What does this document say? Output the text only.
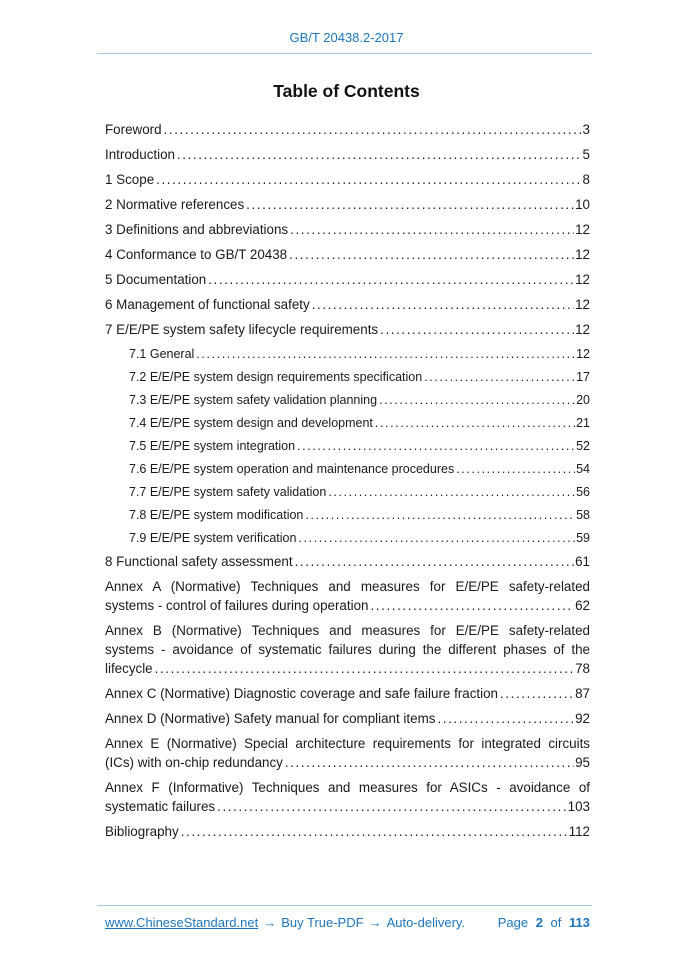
GB/T 20438.2-2017
Table of Contents
Foreword .....	3
Introduction .....	5
1 Scope .....	8
2 Normative references .....	10
3 Definitions and abbreviations .....	12
4 Conformance to GB/T 20438 .....	12
5 Documentation .....	12
6 Management of functional safety .....	12
7 E/E/PE system safety lifecycle requirements .....	12
7.1 General .....	12
7.2 E/E/PE system design requirements specification .....	17
7.3 E/E/PE system safety validation planning .....	20
7.4 E/E/PE system design and development .....	21
7.5 E/E/PE system integration .....	52
7.6 E/E/PE system operation and maintenance procedures .....	54
7.7 E/E/PE system safety validation .....	56
7.8 E/E/PE system modification .....	58
7.9 E/E/PE system verification .....	59
8 Functional safety assessment .....	61
Annex A (Normative) Techniques and measures for E/E/PE safety-related
systems - control of failures during operation .....	62
Annex B (Normative) Techniques and measures for E/E/PE safety-related
systems - avoidance of systematic failures during the different phases of the
lifecycle .....	78
Annex C (Normative) Diagnostic coverage and safe failure fraction .....	87
Annex D (Normative) Safety manual for compliant items .....	92
Annex E (Normative) Special architecture requirements for integrated circuits
(ICs) with on-chip redundancy .....	95
Annex F (Informative) Techniques and measures for ASICs - avoidance of
systematic failures .....	103
Bibliography .....	112
www.ChineseStandard.net → Buy True-PDF → Auto-delivery.	Page 2 of 113
